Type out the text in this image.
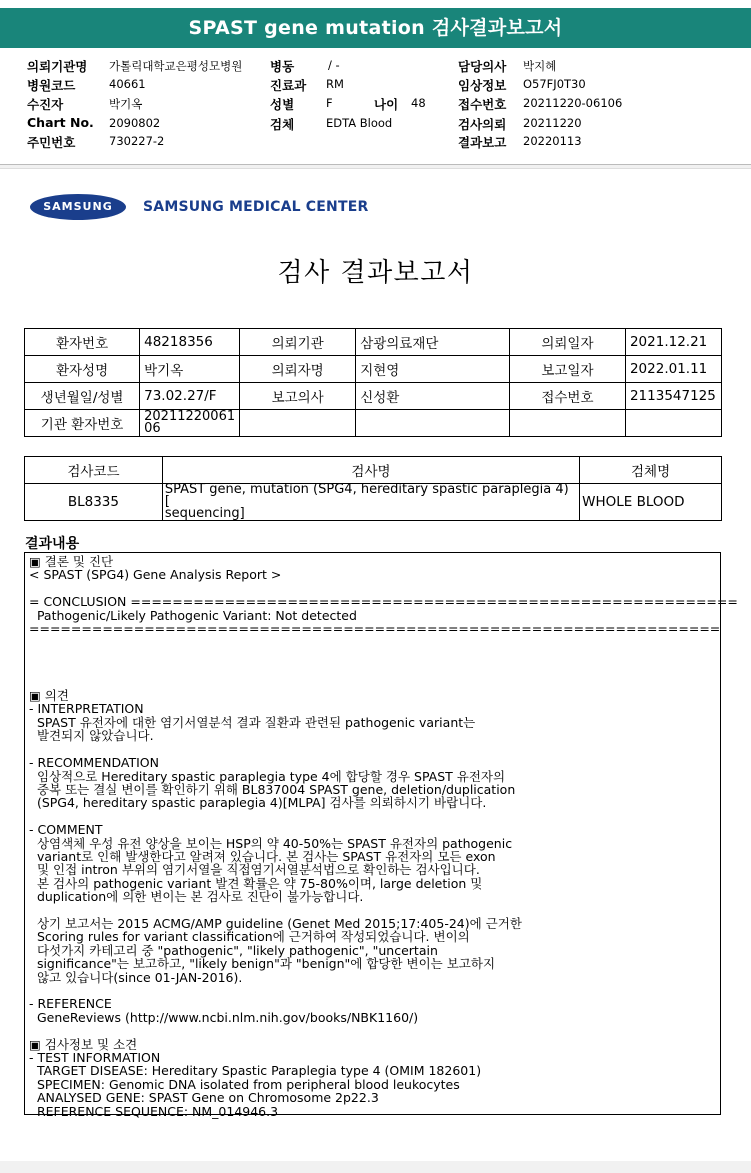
SPAST gene mutation 검사결과보고서
의뢰기관명 가톨릭대학교은평성모병원
병원코드	40661
수진자	박기옥
Chart No. 2090802
주민번호	730227-2
병동	/ -
진료과 RM
성별	F	나이 48
검체	EDTA Blood
담당의사 박지혜
임상정보 O57FJ0T30
접수번호 20211220-06106
검사의뢰 20211220
결과보고 20220113
SAMSUNG	SAMSUNG MEDICAL CENTER
검사 결과보고서
환자번호	48218356	의뢰기관	삼광의료재단	의뢰일자	2021.12.21
환자성명	박기옥	의뢰자명	지현영	보고일자	2022.01.11
생년월일/성별	73.02.27/F	보고의사	신성환	접수번호	2113547125
기관 환자번호	20211220061
06				
검사코드	검사명	검체명
BL8335	SPAST gene, mutation (SPG4, hereditary spastic paraplegia 4) [
sequencing]	WHOLE BLOOD
결과내용
▣ 결론 및 진단
< SPAST (SPG4) Gene Analysis Report >

= CONCLUSION ==========================================================
Pathogenic/Likely Pathogenic Variant: Not detected
==================================================================

▣ 의견
- INTERPRETATION
SPAST 유전자에 대한 염기서열분석 결과 질환과 관련된 pathogenic variant는
발견되지 않았습니다.

- RECOMMENDATION
임상적으로 Hereditary spastic paraplegia type 4에 합당할 경우 SPAST 유전자의
중복 또는 결실 변이를 확인하기 위해 BL837004 SPAST gene, deletion/duplication
(SPG4, hereditary spastic paraplegia 4)[MLPA] 검사를 의뢰하시기 바랍니다.

- COMMENT
상염색체 우성 유전 양상을 보이는 HSP의 약 40-50%는 SPAST 유전자의 pathogenic
variant로 인해 발생한다고 알려져 있습니다. 본 검사는 SPAST 유전자의 모든 exon
및 인접 intron 부위의 염기서열을 직접염기서열분석법으로 확인하는 검사입니다.
본 검사의 pathogenic variant 발견 확률은 약 75-80%이며, large deletion 및
duplication에 의한 변이는 본 검사로 진단이 불가능합니다.

상기 보고서는 2015 ACMG/AMP guideline (Genet Med 2015;17:405-24)에 근거한
Scoring rules for variant classification에 근거하여 작성되었습니다. 변이의
다섯가지 카테고리 중 "pathogenic", "likely pathogenic", "uncertain
significance"는 보고하고, "likely benign"과 "benign"에 합당한 변이는 보고하지
않고 있습니다(since 01-JAN-2016).

- REFERENCE
GeneReviews (http://www.ncbi.nlm.nih.gov/books/NBK1160/)

▣ 검사정보 및 소견
- TEST INFORMATION
TARGET DISEASE: Hereditary Spastic Paraplegia type 4 (OMIM 182601)
SPECIMEN: Genomic DNA isolated from peripheral blood leukocytes
ANALYSED GENE: SPAST Gene on Chromosome 2p22.3
REFERENCE SEQUENCE: NM_014946.3
